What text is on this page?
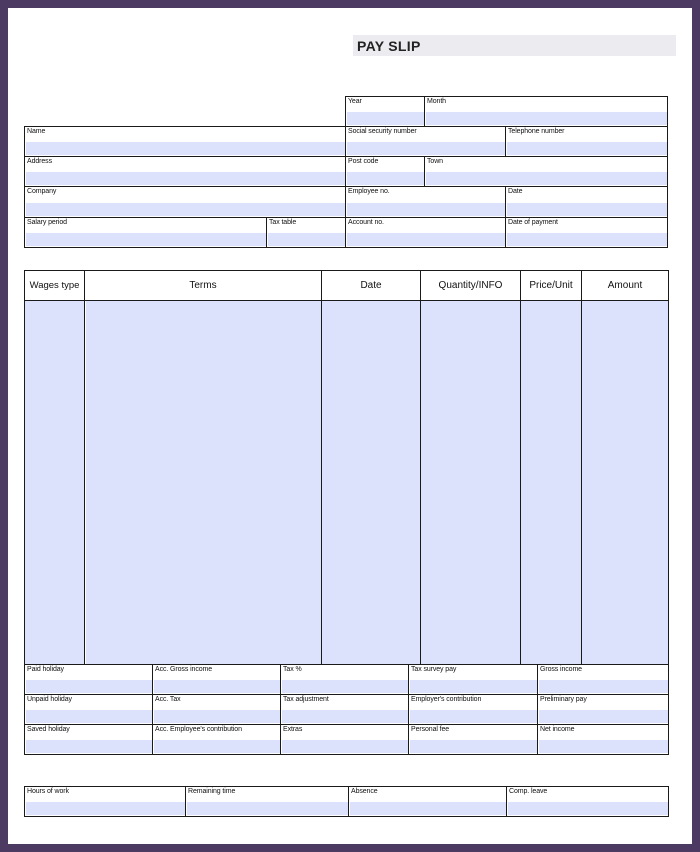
PAY SLIP
Year	Month
Name	Social security number	Telephone number
Address	Post code	Town
Company	Employee no.	Date
Salary period	Tax table	Account no.	Date of payment
Wages type	Terms	Date	Quantity/INFO	Price/Unit	Amount
Paid holiday	Acc. Gross income	Tax %	Tax survey pay	Gross income
Unpaid holiday	Acc. Tax	Tax adjustment	Employer's contribution	Preliminary pay
Saved holiday	Acc. Employee's contribution	Extras	Personal fee	Net income
Hours of work	Remaining time	Absence	Comp. leave
